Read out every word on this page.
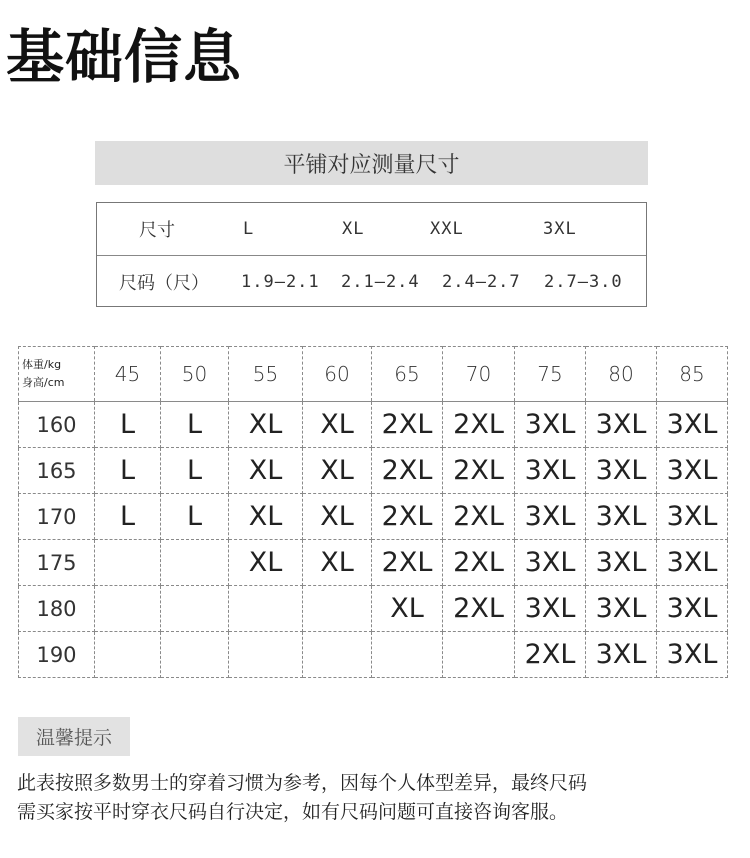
基础信息
平铺对应测量尺寸
尺寸	L	XL	XXL	3XL
尺码（尺） 1.9—2.1 2.1—2.4 2.4—2.7 2.7—3.0
体重/kg
身高/cm	45	50	55	60	65	70	75	80	85
160	L	L	XL	XL	2XL	2XL	3XL	3XL	3XL
165	L	L	XL	XL	2XL	2XL	3XL	3XL	3XL
170	L	L	XL	XL	2XL	2XL	3XL	3XL	3XL
175			XL	XL	2XL	2XL	3XL	3XL	3XL
180					XL	2XL	3XL	3XL	3XL
190							2XL	3XL	3XL
温馨提示
此表按照多数男士的穿着习惯为参考，因每个人体型差异，最终尺码
需买家按平时穿衣尺码自行决定，如有尺码问题可直接咨询客服。
